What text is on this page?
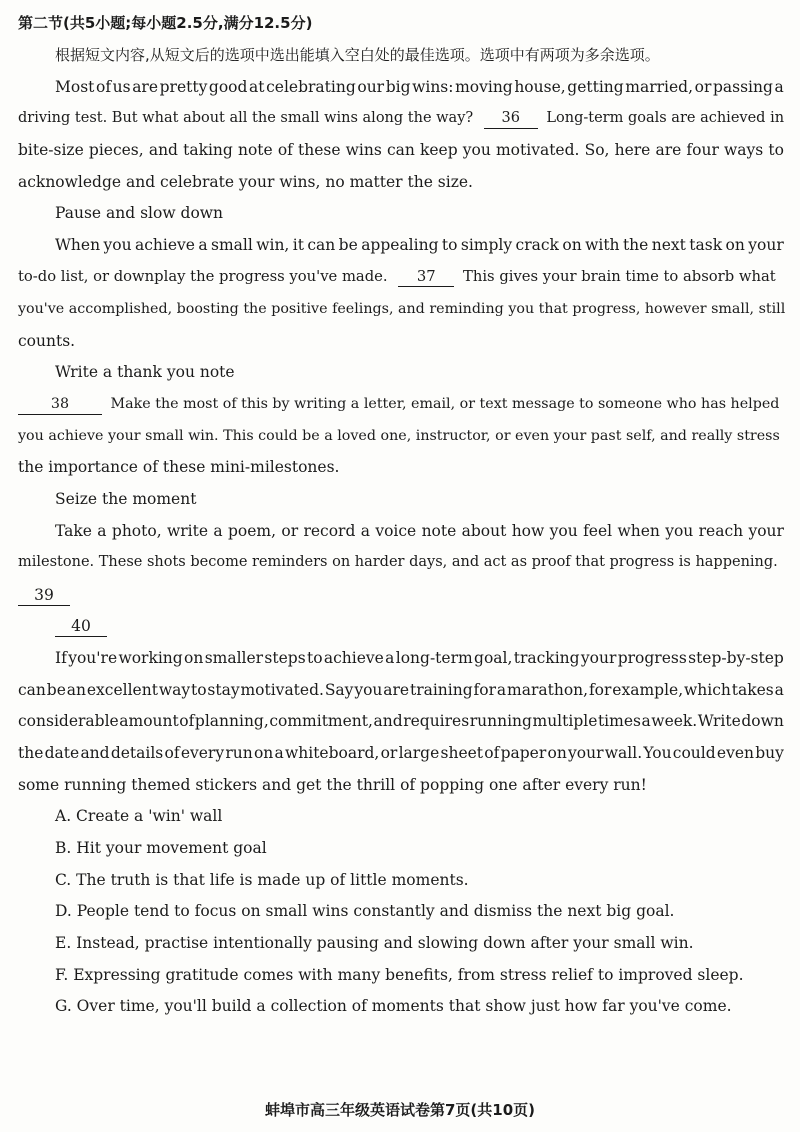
第二节(共5小题;每小题2.5分,满分12.5分)
根据短文内容,从短文后的选项中选出能填入空白处的最佳选项。选项中有两项为多余选项。
Most of us are pretty good at celebrating our big wins: moving house, getting married, or passing a
driving test. But what about all the small wins along the way? 36 Long-term goals are achieved in
bite-size pieces, and taking note of these wins can keep you motivated. So, here are four ways to
acknowledge and celebrate your wins, no matter the size.
Pause and slow down
When you achieve a small win, it can be appealing to simply crack on with the next task on your
to-do list, or downplay the progress you've made. 37 This gives your brain time to absorb what
you've accomplished, boosting the positive feelings, and reminding you that progress, however small, still
counts.
Write a thank you note
38	Make the most of this by writing a letter, email, or text message to someone who has helped
you achieve your small win. This could be a loved one, instructor, or even your past self, and really stress
the importance of these mini-milestones.
Seize the moment
Take a photo, write a poem, or record a voice note about how you feel when you reach your
milestone. These shots become reminders on harder days, and act as proof that progress is happening.
39
40
If you're working on smaller steps to achieve a long-term goal, tracking your progress step-by-step
can be an excellent way to stay motivated. Say you are training for a marathon, for example, which takes a
considerable amount of planning, commitment, and requires running multiple times a week. Write down
the date and details of every run on a whiteboard, or large sheet of paper on your wall. You could even buy
some running themed stickers and get the thrill of popping one after every run!
A. Create a 'win' wall
B. Hit your movement goal
C. The truth is that life is made up of little moments.
D. People tend to focus on small wins constantly and dismiss the next big goal.
E. Instead, practise intentionally pausing and slowing down after your small win.
F. Expressing gratitude comes with many benefits, from stress relief to improved sleep.
G. Over time, you'll build a collection of moments that show just how far you've come.
蚌埠市高三年级英语试卷第7页(共10页)
